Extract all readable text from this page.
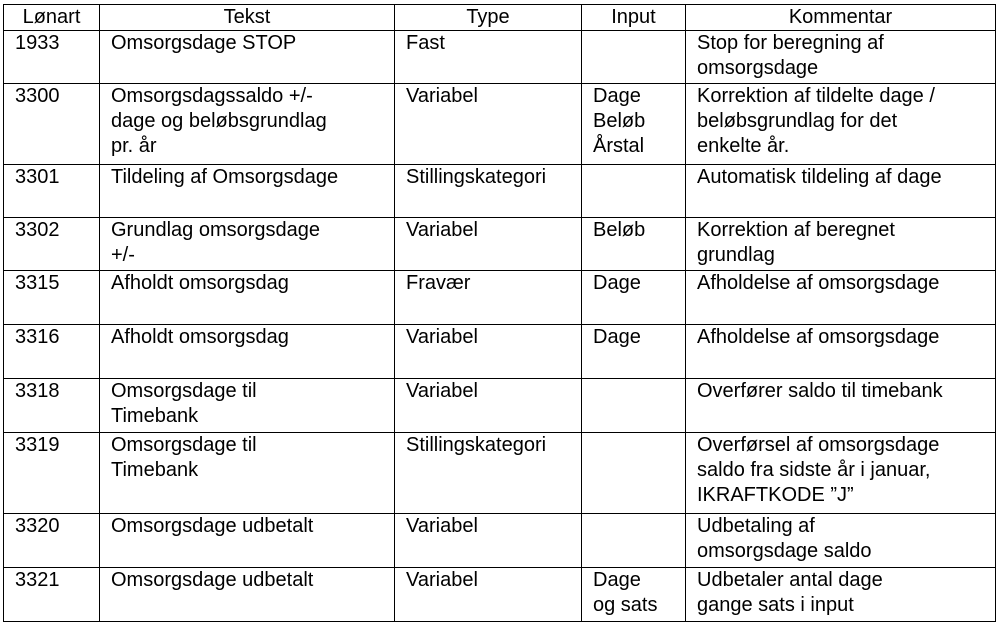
Lønart	Tekst	Type	Input	Kommentar
1933	Omsorgsdage STOP	Fast		Stop for beregning af
omsorgsdage

3300	Omsorgsdagssaldo +/-
dage og beløbsgrundlag
pr. år	Variabel	Dage
Beløb
Årstal	Korrektion af tildelte dage /
beløbsgrundlag for det
enkelte år.

3301	Tildeling af Omsorgsdage	Stillingskategori		Automatisk tildeling af dage

3302	Grundlag omsorgsdage
+/-	Variabel	Beløb	Korrektion af beregnet
grundlag

3315	Afholdt omsorgsdag	Fravær	Dage	Afholdelse af omsorgsdage

3316	Afholdt omsorgsdag	Variabel	Dage	Afholdelse af omsorgsdage

3318	Omsorgsdage til
Timebank	Variabel		Overfører saldo til timebank

3319	Omsorgsdage til
Timebank	Stillingskategori		Overførsel af omsorgsdage
saldo fra sidste år i januar,
IKRAFTKODE ”J”

3320	Omsorgsdage udbetalt	Variabel		Udbetaling af
omsorgsdage saldo

3321	Omsorgsdage udbetalt	Variabel	Dage
og sats	Udbetaler antal dage
gange sats i input
